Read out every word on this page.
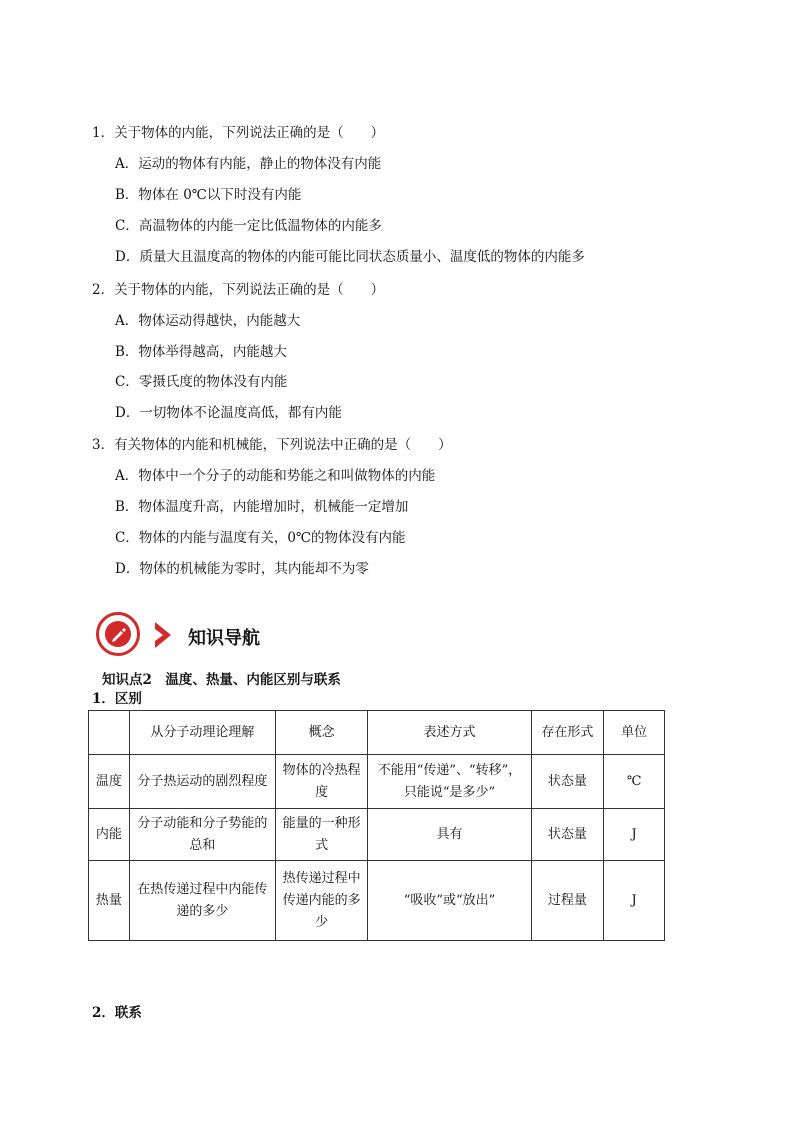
1．关于物体的内能，下列说法正确的是（　　）
A．运动的物体有内能，静止的物体没有内能
B．物体在 0℃以下时没有内能
C．高温物体的内能一定比低温物体的内能多
D．质量大且温度高的物体的内能可能比同状态质量小、温度低的物体的内能多
2．关于物体的内能，下列说法正确的是（　　）
A．物体运动得越快，内能越大
B．物体举得越高，内能越大
C．零摄氏度的物体没有内能
D．一切物体不论温度高低，都有内能
3．有关物体的内能和机械能，下列说法中正确的是（　　）
A．物体中一个分子的动能和势能之和叫做物体的内能
B．物体温度升高，内能增加时，机械能一定增加
C．物体的内能与温度有关，0℃的物体没有内能
D．物体的机械能为零时，其内能却不为零
知识导航
知识点2　温度、热量、内能区别与联系
1．区别
	从分子动理论理解	概念	表述方式	存在形式	单位
温度	分子热运动的剧烈程度	物体的冷热程度	不能用“传递”、“转移”，只能说“是多少”	状态量	℃
内能	分子动能和分子势能的总和	能量的一种形式	具有	状态量	J
热量	在热传递过程中内能传递的多少	热传递过程中传递内能的多少	“吸收”或“放出”	过程量	J
2．联系
